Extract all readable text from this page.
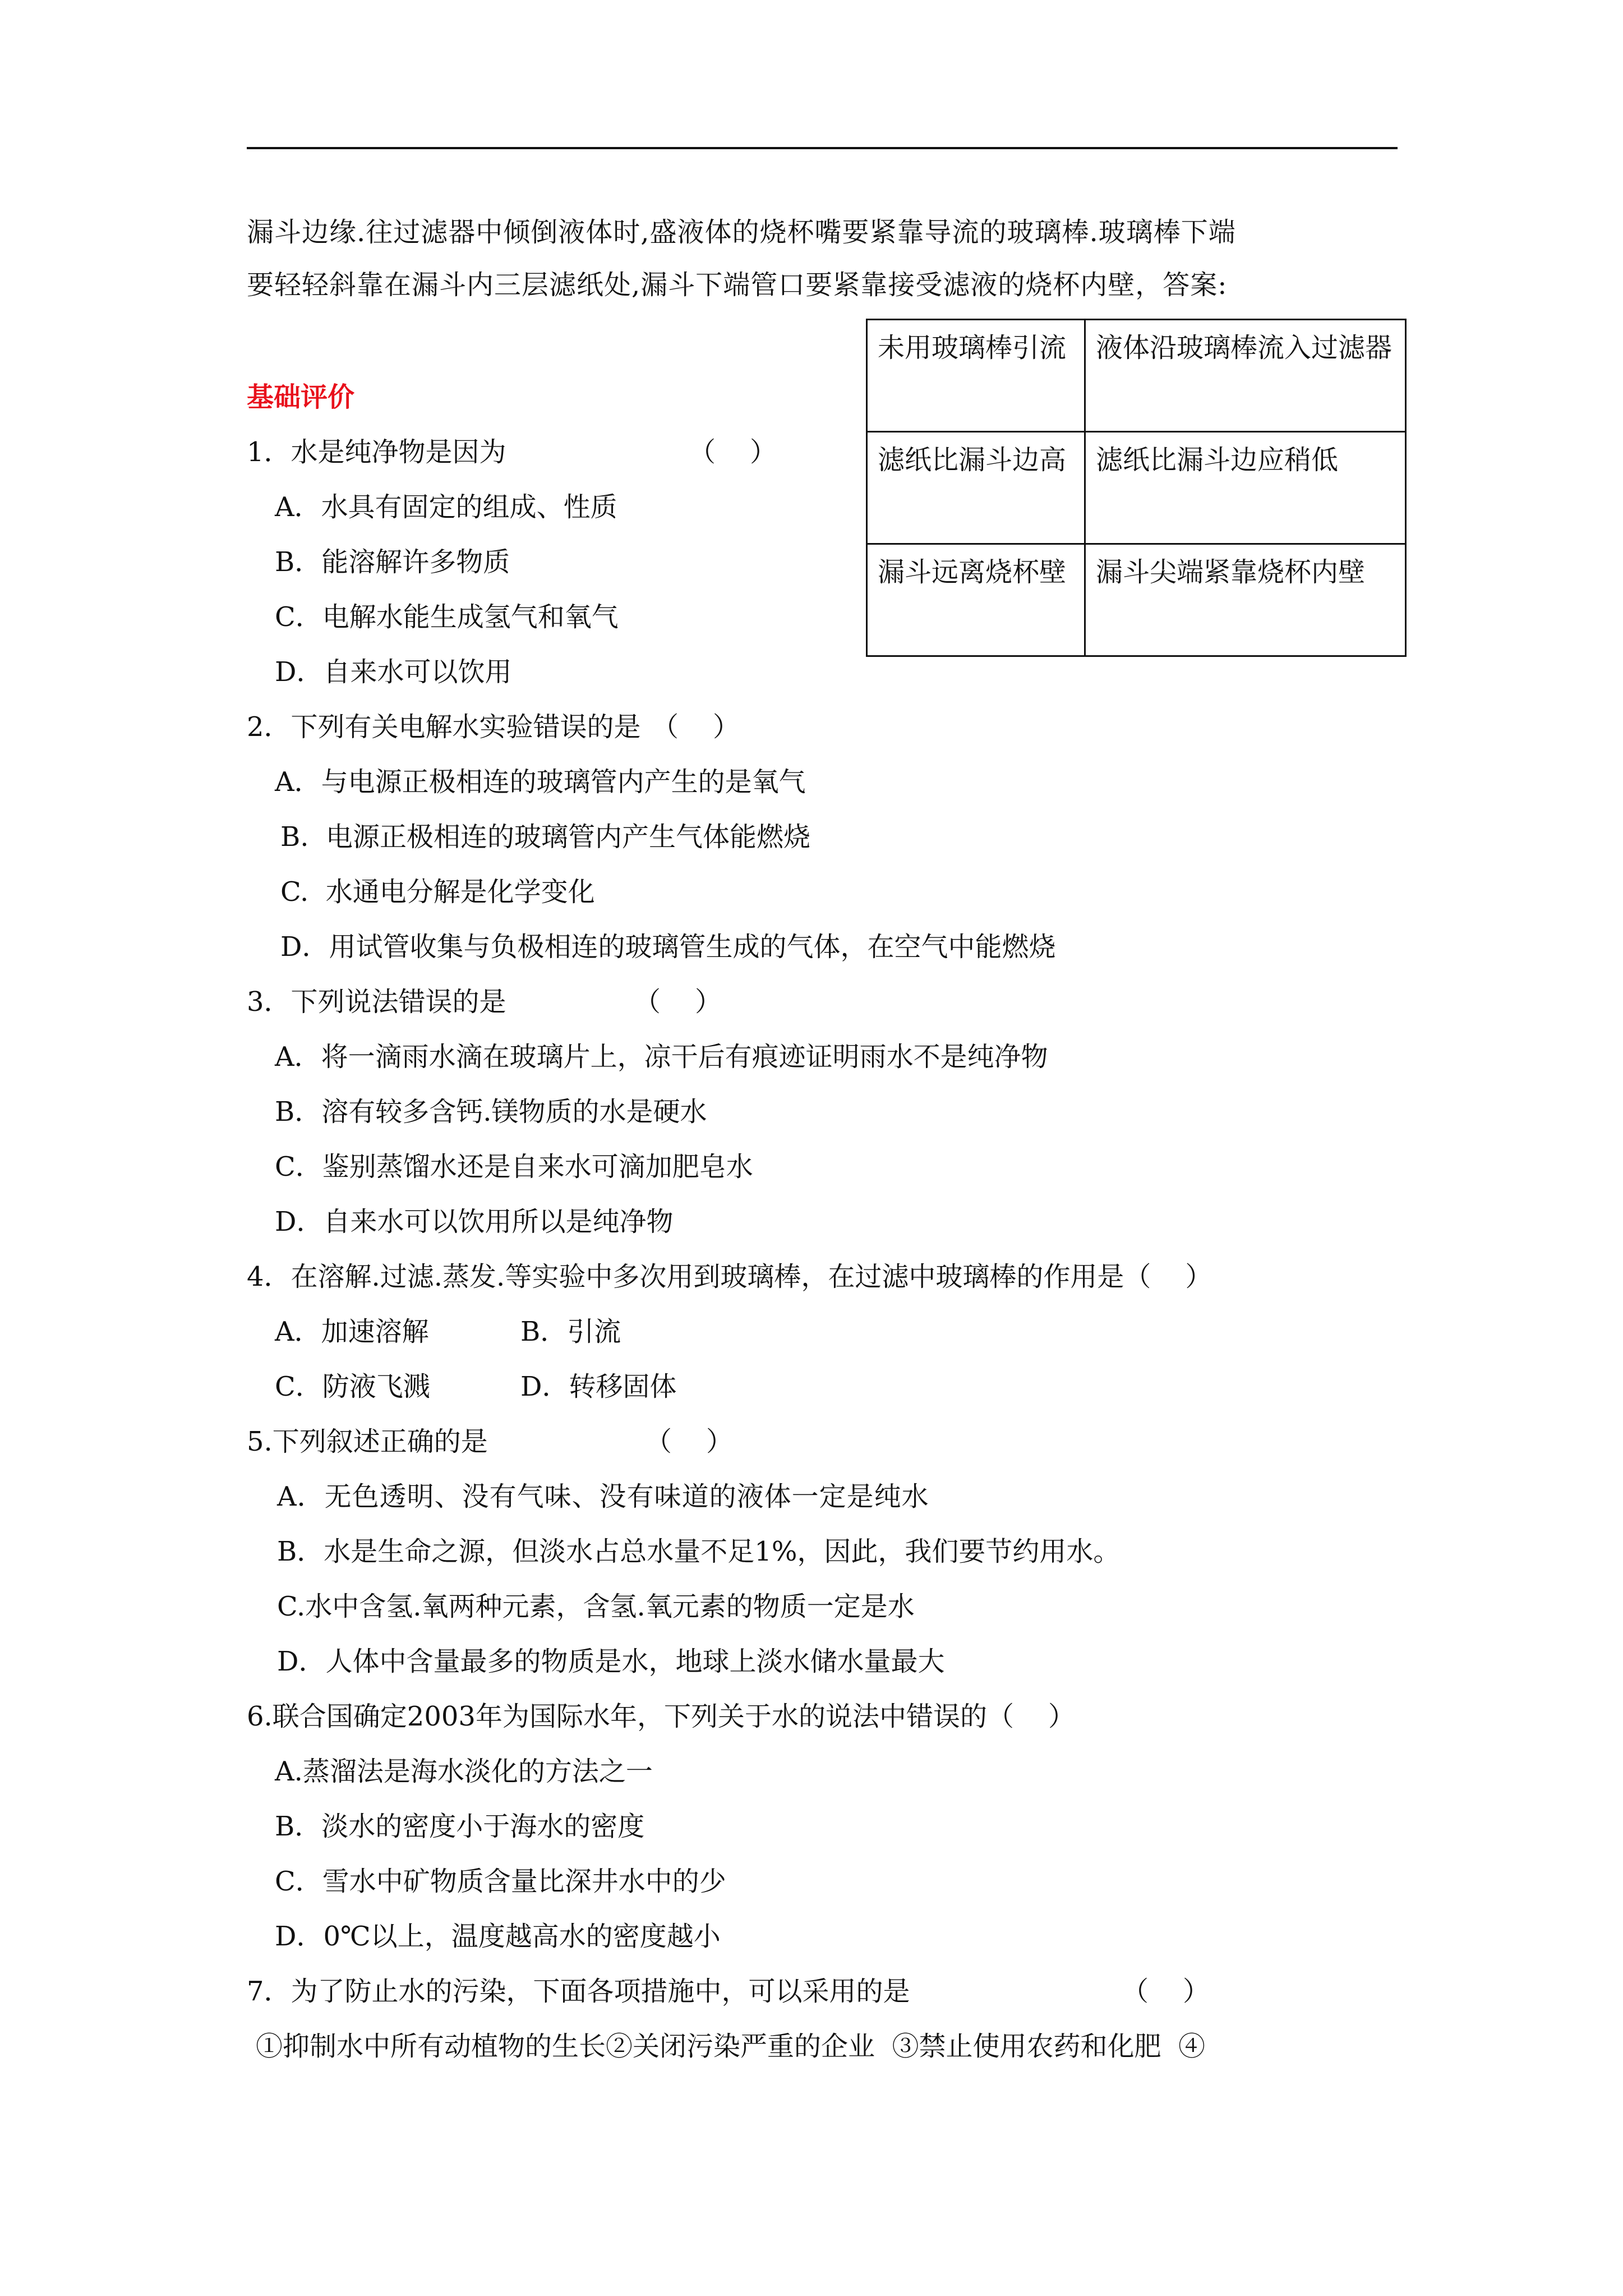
漏斗边缘.往过滤器中倾倒液体时,盛液体的烧杯嘴要紧靠导流的玻璃棒.玻璃棒下端
要轻轻斜靠在漏斗内三层滤纸处,漏斗下端管口要紧靠接受滤液的烧杯内壁，答案:
未用玻璃棒引流	液体沿玻璃棒流入过滤器
滤纸比漏斗边高	滤纸比漏斗边应稍低
漏斗远离烧杯壁	漏斗尖端紧靠烧杯内壁
基础评价
1．水是纯净物是因为	（    ）
A．水具有固定的组成、性质
B．能溶解许多物质
C．电解水能生成氢气和氧气
D．自来水可以饮用
2．下列有关电解水实验错误的是 （    ）
A．与电源正极相连的玻璃管内产生的是氧气
B.  电源正极相连的玻璃管内产生气体能燃烧
C.  水通电分解是化学变化
D．用试管收集与负极相连的玻璃管生成的气体，在空气中能燃烧
3．下列说法错误的是	（    ）
A．将一滴雨水滴在玻璃片上，凉干后有痕迹证明雨水不是纯净物
B．溶有较多含钙.镁物质的水是硬水
C．鉴别蒸馏水还是自来水可滴加肥皂水
D．自来水可以饮用所以是纯净物
4．在溶解.过滤.蒸发.等实验中多次用到玻璃棒，在过滤中玻璃棒的作用是（    ）
A．加速溶解	B．引流
C．防液飞溅	D．转移固体
5.下列叙述正确的是	（    ）
A．无色透明、没有气味、没有味道的液体一定是纯水
B．水是生命之源，但淡水占总水量不足1%，因此，我们要节约用水。
C.水中含氢.氧两种元素，含氢.氧元素的物质一定是水
D．人体中含量最多的物质是水，地球上淡水储水量最大
6.联合国确定2003年为国际水年，下列关于水的说法中错误的（    ）
A.蒸溜法是海水淡化的方法之一
B．淡水的密度小于海水的密度
C．雪水中矿物质含量比深井水中的少
D．0℃以上，温度越高水的密度越小
7．为了防止水的污染，下面各项措施中，可以采用的是	（    ）
①抑制水中所有动植物的生长②关闭污染严重的企业  ③禁止使用农药和化肥  ④
